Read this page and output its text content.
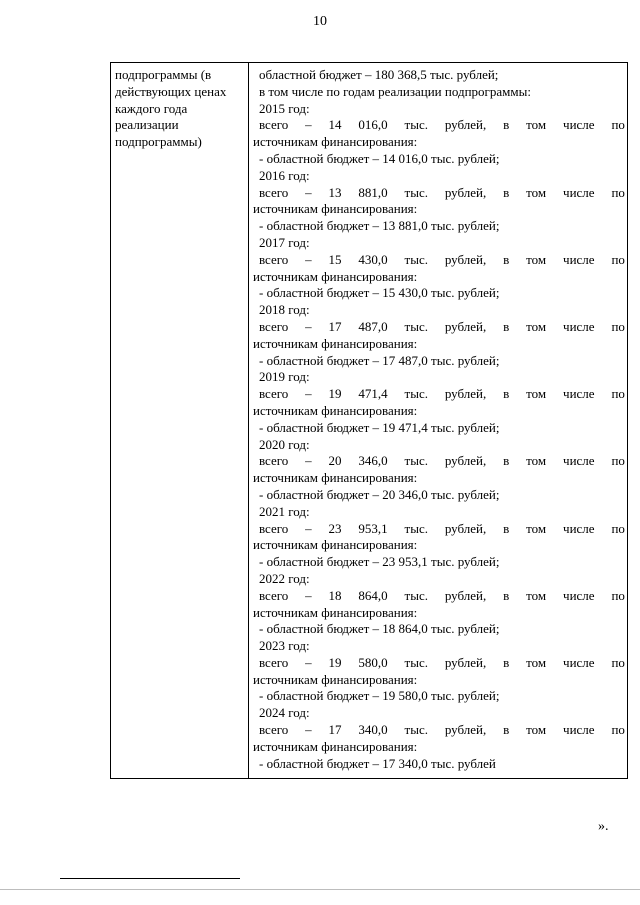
10
подпрограммы (в
действующих ценах
каждого года
реализации
подпрограммы)

областной бюджет – 180 368,5 тыс. рублей;
в том числе по годам реализации подпрограммы:
2015 год:
всего – 14 016,0 тыс. рублей, в том числе по
источникам финансирования:
- областной бюджет – 14 016,0 тыс. рублей;
2016 год:
всего – 13 881,0 тыс. рублей, в том числе по
источникам финансирования:
- областной бюджет – 13 881,0 тыс. рублей;
2017 год:
всего – 15 430,0 тыс. рублей, в том числе по
источникам финансирования:
- областной бюджет – 15 430,0 тыс. рублей;
2018 год:
всего – 17 487,0 тыс. рублей, в том числе по
источникам финансирования:
- областной бюджет – 17 487,0 тыс. рублей;
2019 год:
всего – 19 471,4 тыс. рублей, в том числе по
источникам финансирования:
- областной бюджет – 19 471,4 тыс. рублей;
2020 год:
всего – 20 346,0 тыс. рублей, в том числе по
источникам финансирования:
- областной бюджет – 20 346,0 тыс. рублей;
2021 год:
всего – 23 953,1 тыс. рублей, в том числе по
источникам финансирования:
- областной бюджет – 23 953,1 тыс. рублей;
2022 год:
всего – 18 864,0 тыс. рублей, в том числе по
источникам финансирования:
- областной бюджет – 18 864,0 тыс. рублей;
2023 год:
всего – 19 580,0 тыс. рублей, в том числе по
источникам финансирования:
- областной бюджет – 19 580,0 тыс. рублей;
2024 год:
всего – 17 340,0 тыс. рублей, в том числе по
источникам финансирования:
- областной бюджет – 17 340,0 тыс. рублей
».
